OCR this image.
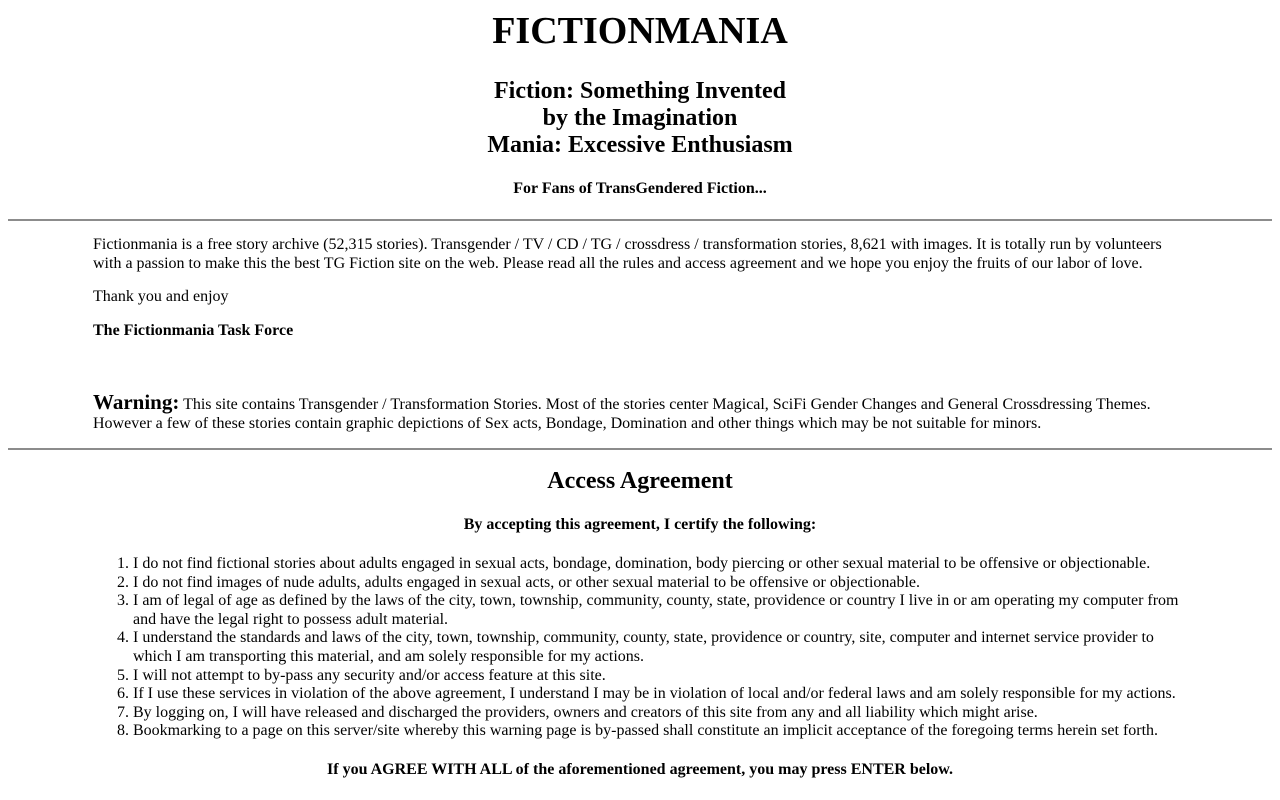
FICTIONMANIA
Fiction: Something Invented
by the Imagination
Mania: Excessive Enthusiasm
For Fans of TransGendered Fiction...

Fictionmania is a free story archive (52,315 stories). Transgender / TV / CD / TG / crossdress / transformation stories, 8,621 with images. It is totally run by volunteers with a passion to make this the best TG Fiction site on the web. Please read all the rules and access agreement and we hope you enjoy the fruits of our labor of love.

Thank you and enjoy

The Fictionmania Task Force

Warning: This site contains Transgender / Transformation Stories. Most of the stories center Magical, SciFi Gender Changes and General Crossdressing Themes. However a few of these stories contain graphic depictions of Sex acts, Bondage, Domination and other things which may be not suitable for minors.

Access Agreement
By accepting this agreement, I certify the following:
1. I do not find fictional stories about adults engaged in sexual acts, bondage, domination, body piercing or other sexual material to be offensive or objectionable.
2. I do not find images of nude adults, adults engaged in sexual acts, or other sexual material to be offensive or objectionable.
3. I am of legal of age as defined by the laws of the city, town, township, community, county, state, providence or country I live in or am operating my computer from and have the legal right to possess adult material.
4. I understand the standards and laws of the city, town, township, community, county, state, providence or country, site, computer and internet service provider to which I am transporting this material, and am solely responsible for my actions.
5. I will not attempt to by-pass any security and/or access feature at this site.
6. If I use these services in violation of the above agreement, I understand I may be in violation of local and/or federal laws and am solely responsible for my actions.
7. By logging on, I will have released and discharged the providers, owners and creators of this site from any and all liability which might arise.
8. Bookmarking to a page on this server/site whereby this warning page is by-passed shall constitute an implicit acceptance of the foregoing terms herein set forth.

If you AGREE WITH ALL of the aforementioned agreement, you may press ENTER below.
